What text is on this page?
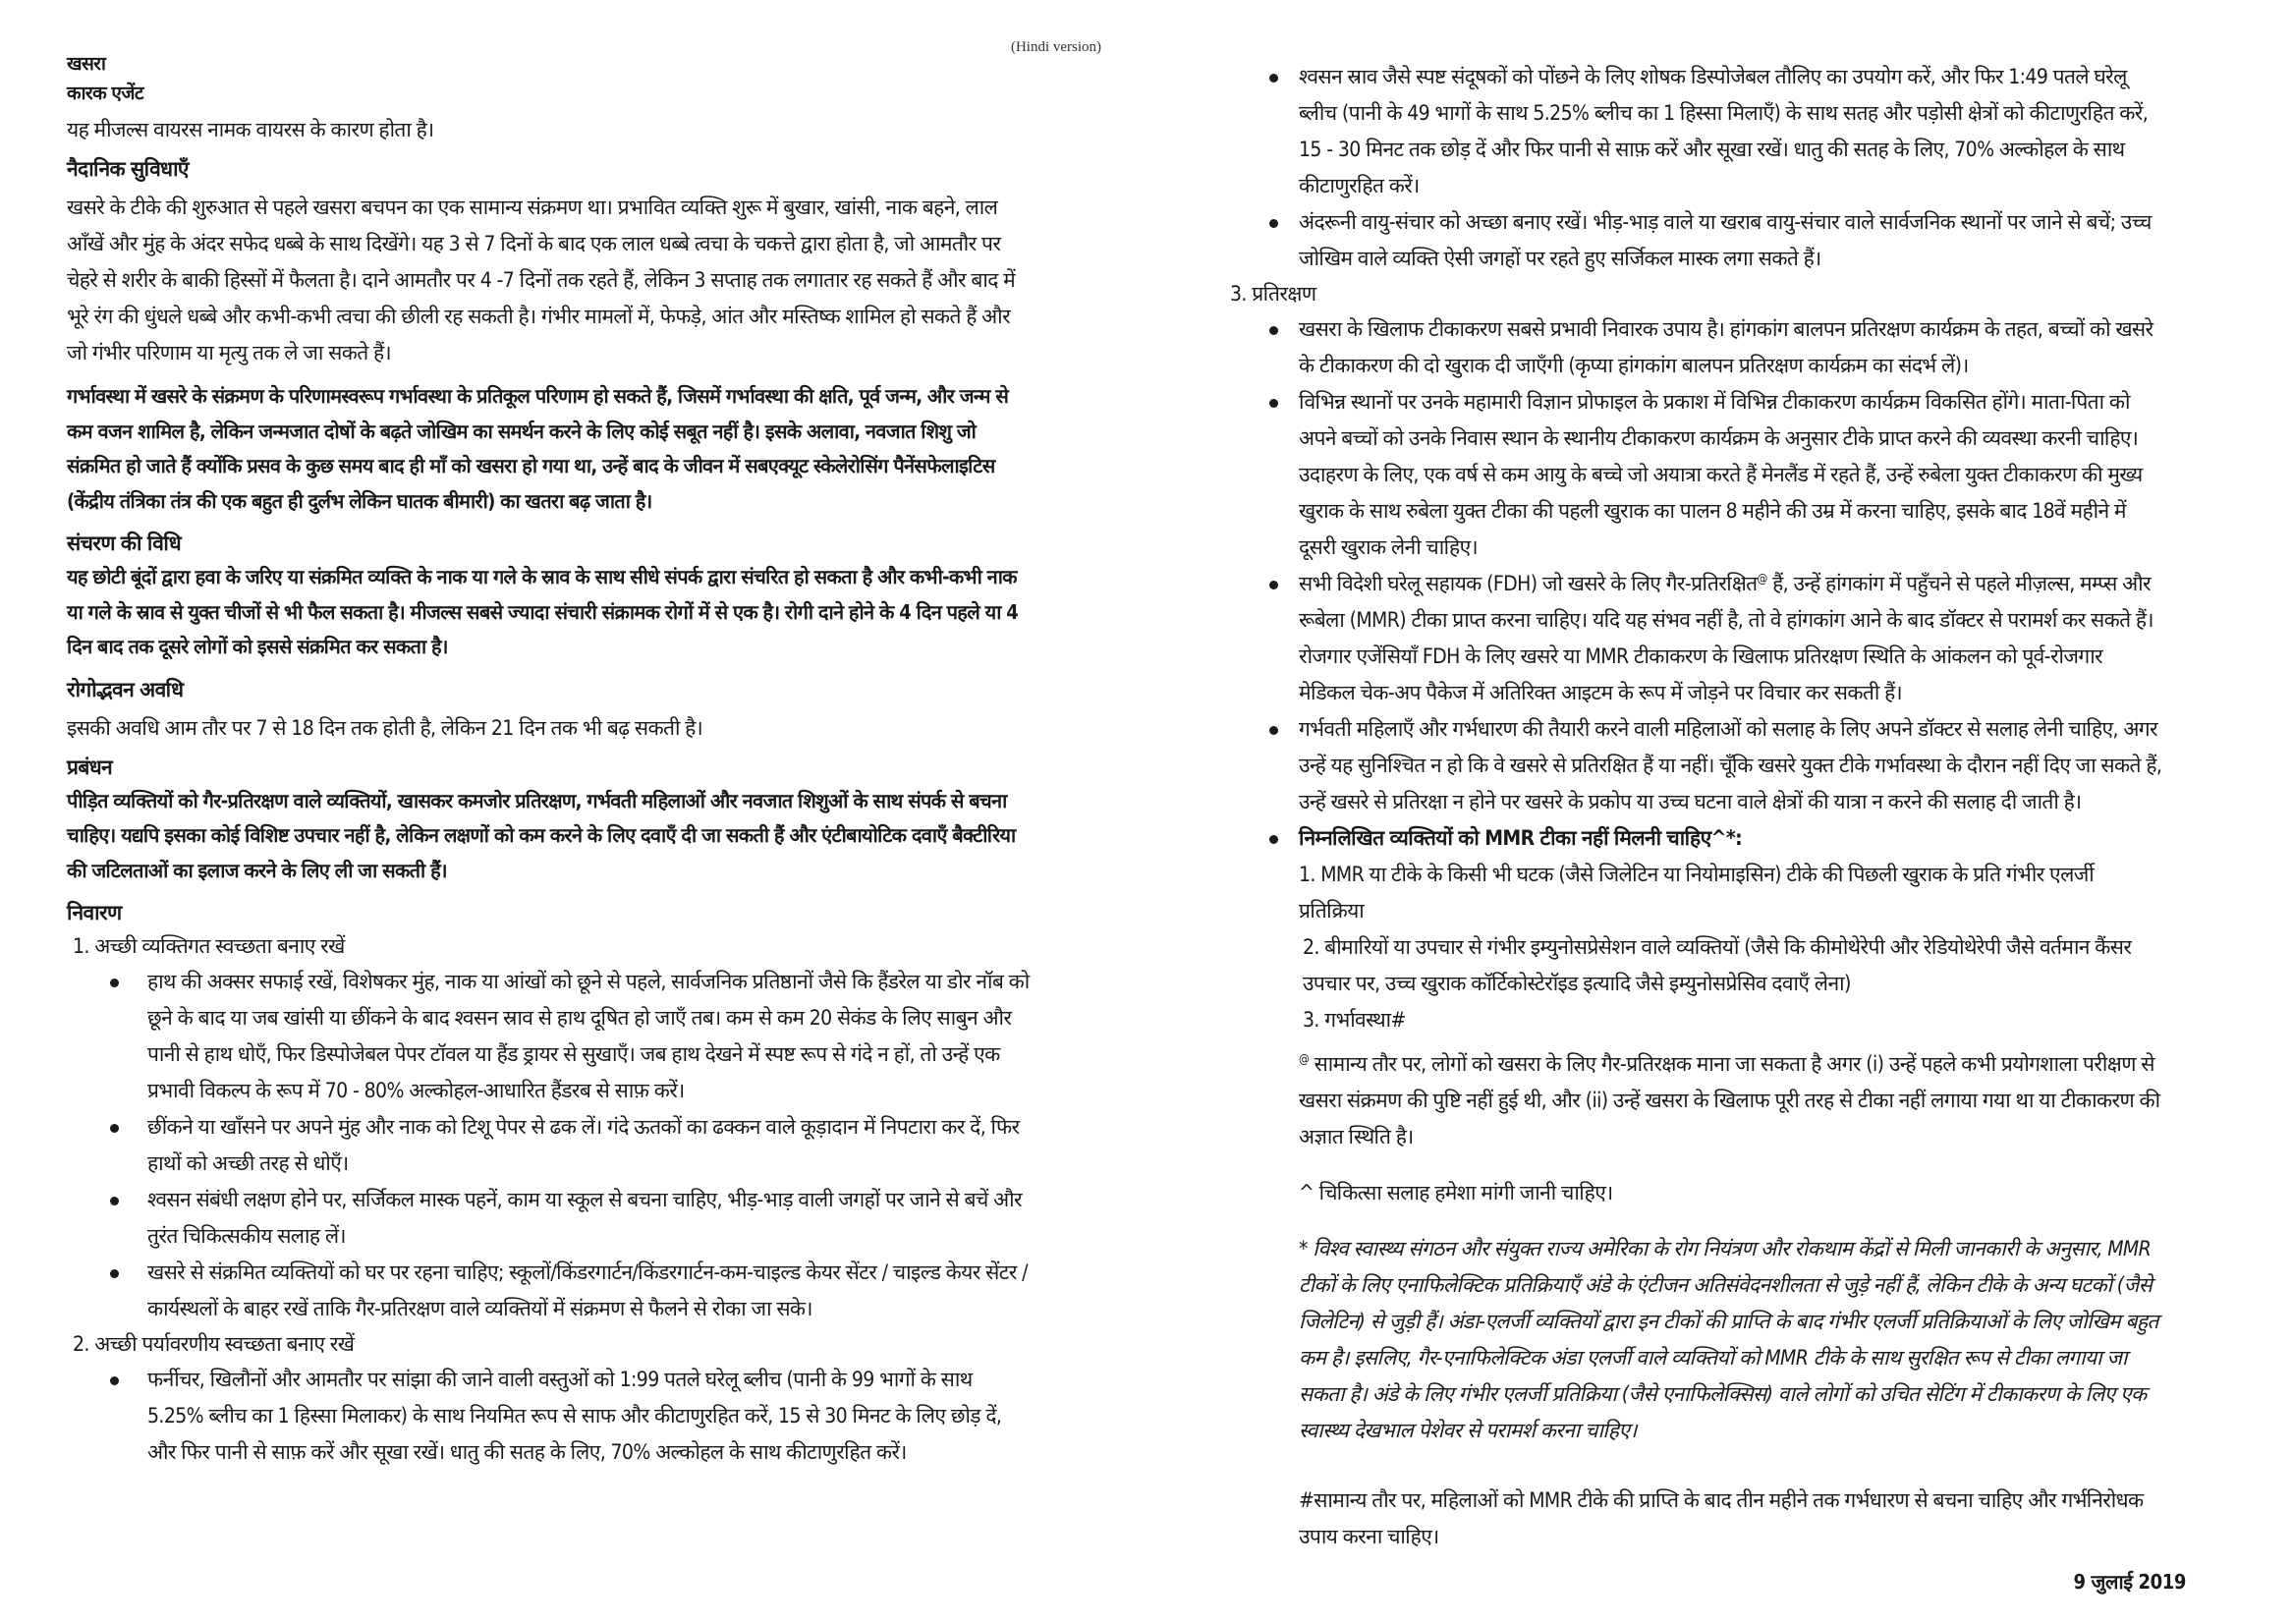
(Hindi version)
खसरा
कारक एजेंट
यह मीजल्स वायरस नामक वायरस के कारण होता है।
नैदानिक सुविधाएँ
खसरे के टीके की शुरुआत से पहले खसरा बचपन का एक सामान्य संक्रमण था। प्रभावित व्यक्ति शुरू में बुखार, खांसी, नाक बहने, लाल आँखें और मुंह के अंदर सफेद धब्बे के साथ दिखेंगे। यह 3 से 7 दिनों के बाद एक लाल धब्बे त्वचा के चकत्ते द्वारा होता है, जो आमतौर पर चेहरे से शरीर के बाकी हिस्सों में फैलता है। दाने आमतौर पर 4 -7 दिनों तक रहते हैं, लेकिन 3 सप्ताह तक लगातार रह सकते हैं और बाद में भूरे रंग की धुंधले धब्बे और कभी-कभी त्वचा की छीली रह सकती है। गंभीर मामलों में, फेफड़े, आंत और मस्तिष्क शामिल हो सकते हैं और जो गंभीर परिणाम या मृत्यु तक ले जा सकते हैं।
गर्भावस्था में खसरे के संक्रमण के परिणामस्वरूप गर्भावस्था के प्रतिकूल परिणाम हो सकते हैं, जिसमें गर्भावस्था की क्षति, पूर्व जन्म, और जन्म से कम वजन शामिल है, लेकिन जन्मजात दोषों के बढ़ते जोखिम का समर्थन करने के लिए कोई सबूत नहीं है। इसके अलावा, नवजात शिशु जो संक्रमित हो जाते हैं क्योंकि प्रसव के कुछ समय बाद ही माँ को खसरा हो गया था, उन्हें बाद के जीवन में सबएक्यूट स्केलेरोसिंग पैनेंसफेलाइटिस (केंद्रीय तंत्रिका तंत्र की एक बहुत ही दुर्लभ लेकिन घातक बीमारी) का खतरा बढ़ जाता है।
संचरण की विधि
यह छोटी बूंदों द्वारा हवा के जरिए या संक्रमित व्यक्ति के नाक या गले के स्राव के साथ सीधे संपर्क द्वारा संचरित हो सकता है और कभी-कभी नाक या गले के स्राव से युक्त चीजों से भी फैल सकता है। मीजल्स सबसे ज्यादा संचारी संक्रामक रोगों में से एक है। रोगी दाने होने के 4 दिन पहले या 4 दिन बाद तक दूसरे लोगों को इससे संक्रमित कर सकता है।
रोगोद्भवन अवधि
इसकी अवधि आम तौर पर 7 से 18 दिन तक होती है, लेकिन 21 दिन तक भी बढ़ सकती है।
प्रबंधन
पीड़ित व्यक्तियों को गैर-प्रतिरक्षण वाले व्यक्तियों, खासकर कमजोर प्रतिरक्षण, गर्भवती महिलाओं और नवजात शिशुओं के साथ संपर्क से बचना चाहिए। यद्यपि इसका कोई विशिष्ट उपचार नहीं है, लेकिन लक्षणों को कम करने के लिए दवाएँ दी जा सकती हैं और एंटीबायोटिक दवाएँ बैक्टीरिया की जटिलताओं का इलाज करने के लिए ली जा सकती हैं।
निवारण
1. अच्छी व्यक्तिगत स्वच्छता बनाए रखें
हाथ की अक्सर सफाई रखें, विशेषकर मुंह, नाक या आंखों को छूने से पहले, सार्वजनिक प्रतिष्ठानों जैसे कि हैंडरेल या डोर नॉब को छूने के बाद या जब खांसी या छींकने के बाद श्वसन स्राव से हाथ दूषित हो जाएँ तब। कम से कम 20 सेकंड के लिए साबुन और पानी से हाथ धोएँ, फिर डिस्पोजेबल पेपर टॉवल या हैंड ड्रायर से सुखाएँ। जब हाथ देखने में स्पष्ट रूप से गंदे न हों, तो उन्हें एक प्रभावी विकल्प के रूप में 70 - 80% अल्कोहल-आधारित हैंडरब से साफ़ करें।
छींकने या खाँसने पर अपने मुंह और नाक को टिशू पेपर से ढक लें। गंदे ऊतकों का ढक्कन वाले कूड़ादान में निपटारा कर दें, फिर हाथों को अच्छी तरह से धोएँ।
श्वसन संबंधी लक्षण होने पर, सर्जिकल मास्क पहनें, काम या स्कूल से बचना चाहिए, भीड़-भाड़ वाली जगहों पर जाने से बचें और तुरंत चिकित्सकीय सलाह लें।
खसरे से संक्रमित व्यक्तियों को घर पर रहना चाहिए; स्कूलों/किंडरगार्टन/किंडरगार्टन-कम-चाइल्ड केयर सेंटर / चाइल्ड केयर सेंटर / कार्यस्थलों के बाहर रखें ताकि गैर-प्रतिरक्षण वाले व्यक्तियों में संक्रमण से फैलने से रोका जा सके।
2. अच्छी पर्यावरणीय स्वच्छता बनाए रखें
फर्नीचर, खिलौनों और आमतौर पर सांझा की जाने वाली वस्तुओं को 1:99 पतले घरेलू ब्लीच (पानी के 99 भागों के साथ 5.25% ब्लीच का 1 हिस्सा मिलाकर) के साथ नियमित रूप से साफ और कीटाणुरहित करें, 15 से 30 मिनट के लिए छोड़ दें, और फिर पानी से साफ़ करें और सूखा रखें। धातु की सतह के लिए, 70% अल्कोहल के साथ कीटाणुरहित करें।
श्वसन स्राव जैसे स्पष्ट संदूषकों को पोंछने के लिए शोषक डिस्पोजेबल तौलिए का उपयोग करें, और फिर 1:49 पतले घरेलू ब्लीच (पानी के 49 भागों के साथ 5.25% ब्लीच का 1 हिस्सा मिलाएँ) के साथ सतह और पड़ोसी क्षेत्रों को कीटाणुरहित करें, 15 - 30 मिनट तक छोड़ दें और फिर पानी से साफ़ करें और सूखा रखें। धातु की सतह के लिए, 70% अल्कोहल के साथ कीटाणुरहित करें।
अंदरूनी वायु-संचार को अच्छा बनाए रखें। भीड़-भाड़ वाले या खराब वायु-संचार वाले सार्वजनिक स्थानों पर जाने से बचें; उच्च जोखिम वाले व्यक्ति ऐसी जगहों पर रहते हुए सर्जिकल मास्क लगा सकते हैं।
3. प्रतिरक्षण
खसरा के खिलाफ टीकाकरण सबसे प्रभावी निवारक उपाय है। हांगकांग बालपन प्रतिरक्षण कार्यक्रम के तहत, बच्चों को खसरे के टीकाकरण की दो खुराक दी जाएँगी (कृप्या हांगकांग बालपन प्रतिरक्षण कार्यक्रम का संदर्भ लें)।
विभिन्न स्थानों पर उनके महामारी विज्ञान प्रोफाइल के प्रकाश में विभिन्न टीकाकरण कार्यक्रम विकसित होंगे। माता-पिता को अपने बच्चों को उनके निवास स्थान के स्थानीय टीकाकरण कार्यक्रम के अनुसार टीके प्राप्त करने की व्यवस्था करनी चाहिए। उदाहरण के लिए, एक वर्ष से कम आयु के बच्चे जो अयात्रा करते हैं मेनलैंड में रहते हैं, उन्हें रुबेला युक्त टीकाकरण की मुख्य खुराक के साथ रुबेला युक्त टीका की पहली खुराक का पालन 8 महीने की उम्र में करना चाहिए, इसके बाद 18वें महीने में दूसरी खुराक लेनी चाहिए।
सभी विदेशी घरेलू सहायक (FDH) जो खसरे के लिए गैर-प्रतिरक्षित@ हैं, उन्हें हांगकांग में पहुँचने से पहले मीज़ल्स, मम्प्स और रूबेला (MMR) टीका प्राप्त करना चाहिए। यदि यह संभव नहीं है, तो वे हांगकांग आने के बाद डॉक्टर से परामर्श कर सकते हैं। रोजगार एजेंसियाँ FDH के लिए खसरे या MMR टीकाकरण के खिलाफ प्रतिरक्षण स्थिति के आंकलन को पूर्व-रोजगार मेडिकल चेक-अप पैकेज में अतिरिक्त आइटम के रूप में जोड़ने पर विचार कर सकती हैं।
गर्भवती महिलाएँ और गर्भधारण की तैयारी करने वाली महिलाओं को सलाह के लिए अपने डॉक्टर से सलाह लेनी चाहिए, अगर उन्हें यह सुनिश्चित न हो कि वे खसरे से प्रतिरक्षित हैं या नहीं। चूँकि खसरे युक्त टीके गर्भावस्था के दौरान नहीं दिए जा सकते हैं, उन्हें खसरे से प्रतिरक्षा न होने पर खसरे के प्रकोप या उच्च घटना वाले क्षेत्रों की यात्रा न करने की सलाह दी जाती है।
निम्नलिखित व्यक्तियों को MMR टीका नहीं मिलनी चाहिए^*:
1. MMR या टीके के किसी भी घटक (जैसे जिलेटिन या नियोमाइसिन) टीके की पिछली खुराक के प्रति गंभीर एलर्जी प्रतिक्रिया
2. बीमारियों या उपचार से गंभीर इम्युनोसप्रेसेशन वाले व्यक्तियों (जैसे कि कीमोथेरेपी और रेडियोथेरेपी जैसे वर्तमान कैंसर उपचार पर, उच्च खुराक कॉर्टिकोस्टेरॉइड इत्यादि जैसे इम्युनोसप्रेसिव दवाएँ लेना)
3. गर्भावस्था#
@ सामान्य तौर पर, लोगों को खसरा के लिए गैर-प्रतिरक्षक माना जा सकता है अगर (i) उन्हें पहले कभी प्रयोगशाला परीक्षण से खसरा संक्रमण की पुष्टि नहीं हुई थी, और (ii) उन्हें खसरा के खिलाफ पूरी तरह से टीका नहीं लगाया गया था या टीकाकरण की अज्ञात स्थिति है।
^ चिकित्सा सलाह हमेशा मांगी जानी चाहिए।
* विश्व स्वास्थ्य संगठन और संयुक्त राज्य अमेरिका के रोग नियंत्रण और रोकथाम केंद्रों से मिली जानकारी के अनुसार, MMR टीकों के लिए एनाफिलेक्टिक प्रतिक्रियाएँ अंडे के एंटीजन अतिसंवेदनशीलता से जुड़े नहीं हैं, लेकिन टीके के अन्य घटकों (जैसे जिलेटिन) से जुड़ी हैं। अंडा-एलर्जी व्यक्तियों द्वारा इन टीकों की प्राप्ति के बाद गंभीर एलर्जी प्रतिक्रियाओं के लिए जोखिम बहुत कम है। इसलिए, गैर-एनाफिलेक्टिक अंडा एलर्जी वाले व्यक्तियों को MMR टीके के साथ सुरक्षित रूप से टीका लगाया जा सकता है। अंडे के लिए गंभीर एलर्जी प्रतिक्रिया (जैसे एनाफिलेक्सिस) वाले लोगों को उचित सेटिंग में टीकाकरण के लिए एक स्वास्थ्य देखभाल पेशेवर से परामर्श करना चाहिए।
#सामान्य तौर पर, महिलाओं को MMR टीके की प्राप्ति के बाद तीन महीने तक गर्भधारण से बचना चाहिए और गर्भनिरोधक उपाय करना चाहिए।
9 जुलाई 2019
